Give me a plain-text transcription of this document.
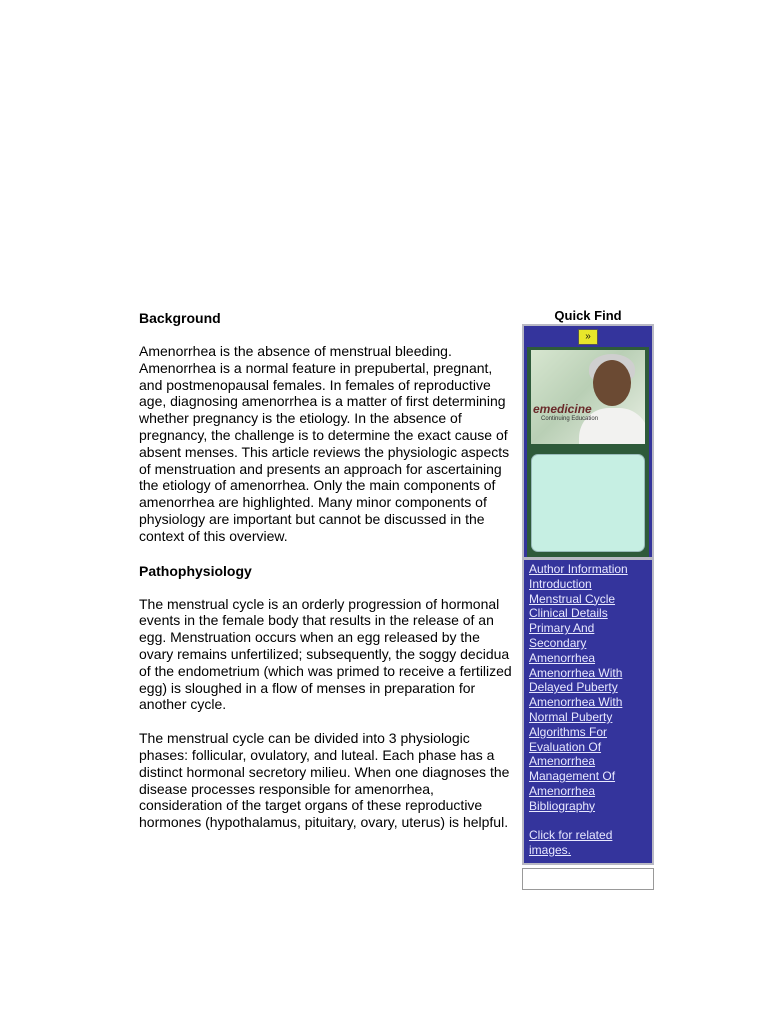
Background

Amenorrhea is the absence of menstrual bleeding. Amenorrhea is a normal feature in prepubertal, pregnant, and postmenopausal females. In females of reproductive age, diagnosing amenorrhea is a matter of first determining whether pregnancy is the etiology. In the absence of pregnancy, the challenge is to determine the exact cause of absent menses. This article reviews the physiologic aspects of menstruation and presents an approach for ascertaining the etiology of amenorrhea. Only the main components of amenorrhea are highlighted. Many minor components of physiology are important but cannot be discussed in the context of this overview.

Pathophysiology

The menstrual cycle is an orderly progression of hormonal events in the female body that results in the release of an egg. Menstruation occurs when an egg released by the ovary remains unfertilized; subsequently, the soggy decidua of the endometrium (which was primed to receive a fertilized egg) is sloughed in a flow of menses in preparation for another cycle.

The menstrual cycle can be divided into 3 physiologic phases: follicular, ovulatory, and luteal. Each phase has a distinct hormonal secretory milieu. When one diagnoses the disease processes responsible for amenorrhea, consideration of the target organs of these reproductive hormones (hypothalamus, pituitary, ovary, uterus) is helpful.

Quick Find
»
emedicine
Continuing Education
Author Information
Introduction
Menstrual Cycle
Clinical Details
Primary And Secondary Amenorrhea
Amenorrhea With Delayed Puberty
Amenorrhea With Normal Puberty
Algorithms For Evaluation Of Amenorrhea
Management Of Amenorrhea
Bibliography
Click for related images.
